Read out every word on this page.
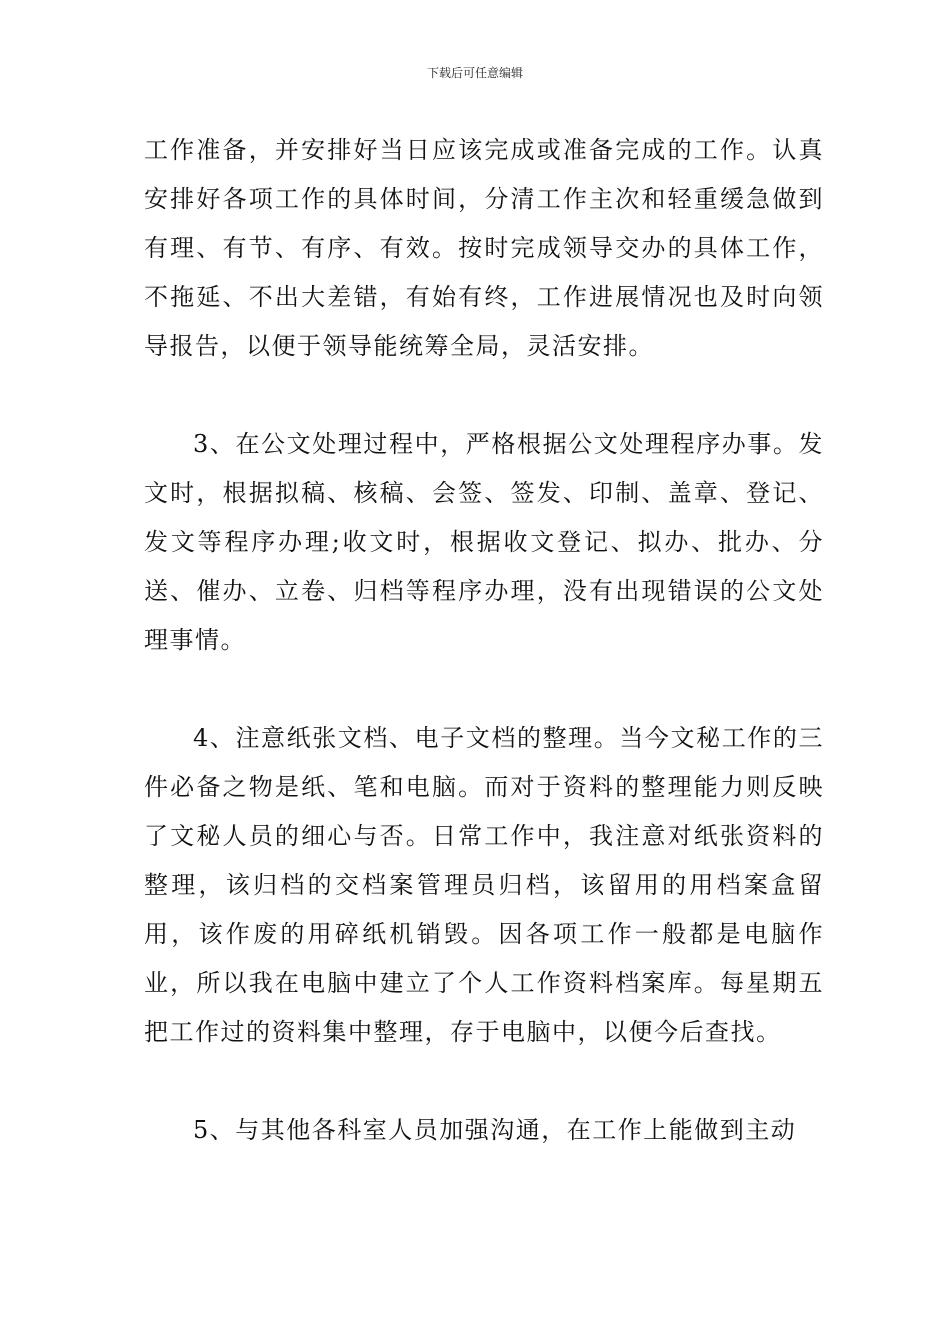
下载后可任意编辑

工作准备，并安排好当日应该完成或准备完成的工作。认真安排好各项工作的具体时间，分清工作主次和轻重缓急做到有理、有节、有序、有效。按时完成领导交办的具体工作，不拖延、不出大差错，有始有终，工作进展情况也及时向领导报告，以便于领导能统筹全局，灵活安排。

3、在公文处理过程中，严格根据公文处理程序办事。发文时，根据拟稿、核稿、会签、签发、印制、盖章、登记、发文等程序办理;收文时，根据收文登记、拟办、批办、分送、催办、立卷、归档等程序办理，没有出现错误的公文处理事情。

4、注意纸张文档、电子文档的整理。当今文秘工作的三件必备之物是纸、笔和电脑。而对于资料的整理能力则反映了文秘人员的细心与否。日常工作中，我注意对纸张资料的整理，该归档的交档案管理员归档，该留用的用档案盒留用，该作废的用碎纸机销毁。因各项工作一般都是电脑作业，所以我在电脑中建立了个人工作资料档案库。每星期五把工作过的资料集中整理，存于电脑中，以便今后查找。

5、与其他各科室人员加强沟通，在工作上能做到主动
